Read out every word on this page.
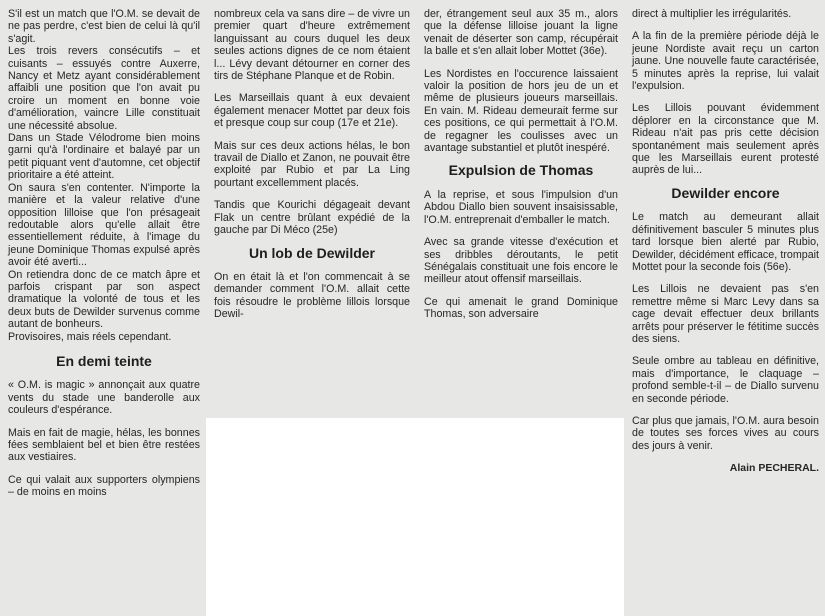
S'il est un match que l'O.M. se devait de ne pas perdre, c'est bien de celui là qu'il s'agit.

Les trois revers consécutifs – et cuisants – essuyés contre Auxerre, Nancy et Metz ayant considérablement affaibli une position que l'on avait pu croire un moment en bonne voie d'amélioration, vaincre Lille constituait une nécessité absolue.

Dans un Stade Vélodrome bien moins garni qu'à l'ordinaire et balayé par un petit piquant vent d'automne, cet objectif prioritaire a été atteint.

On saura s'en contenter. N'importe la manière et la valeur relative d'une opposition lilloise que l'on présageait redoutable alors qu'elle allait être essentiellement réduite, à l'image du jeune Dominique Thomas expulsé après avoir été averti...

On retiendra donc de ce match âpre et parfois crispant par son aspect dramatique la volonté de tous et les deux buts de Dewilder survenus comme autant de bonheurs.

Provisoires, mais réels cependant.

En demi teinte

« O.M. is magic » annonçait aux quatre vents du stade une banderolle aux couleurs d'espérance.

Mais en fait de magie, hélas, les bonnes fées semblaient bel et bien être restées aux vestiaires.

Ce qui valait aux supporters olympiens – de moins en moins

nombreux cela va sans dire – de vivre un premier quart d'heure extrêmement languissant au cours duquel les deux seules actions dignes de ce nom étaient l... Lévy devant détourner en corner des tirs de Stéphane Planque et de Robin.

Les Marseillais quant à eux devaient également menacer Mottet par deux fois et presque coup sur coup (17e et 21e).

Mais sur ces deux actions hélas, le bon travail de Diallo et Zanon, ne pouvait être exploité par Rubio et par La Ling pourtant excellemment placés.

Tandis que Kourichi dégageait devant Flak un centre brûlant expédié de la gauche par Di Méco (25e)

Un lob de Dewilder

On en était là et l'on commencait à se demander comment l'O.M. allait cette fois résoudre le problème lillois lorsque Dewil-

der, étrangement seul aux 35 m., alors que la défense lilloise jouant la ligne venait de déserter son camp, récupérait la balle et s'en allait lober Mottet (36e).

Les Nordistes en l'occurence laissaient valoir la position de hors jeu de un et même de plusieurs joueurs marseillais. En vain. M. Rideau demeurait ferme sur ces positions, ce qui permettait à l'O.M. de regagner les coulisses avec un avantage substantiel et plutôt inespéré.

Expulsion de Thomas

A la reprise, et sous l'impulsion d'un Abdou Diallo bien souvent insaisissable, l'O.M. entreprenait d'emballer le match.

Avec sa grande vitesse d'exécution et ses dribbles déroutants, le petit Sénégalais constituait une fois encore le meilleur atout offensif marseillais.

Ce qui amenait le grand Dominique Thomas, son adversaire

direct à multiplier les irrégularités.

A la fin de la première période déjà le jeune Nordiste avait reçu un carton jaune. Une nouvelle faute caractérisée, 5 minutes après la reprise, lui valait l'expulsion.

Les Lillois pouvant évidemment déplorer en la circonstance que M. Rideau n'ait pas pris cette décision spontanément mais seulement après que les Marseillais eurent protesté auprès de lui...

Dewilder encore

Le match au demeurant allait définitivement basculer 5 minutes plus tard lorsque bien alerté par Rubio, Dewilder, décidément efficace, trompait Mottet pour la seconde fois (56e).

Les Lillois ne devaient pas s'en remettre même si Marc Levy dans sa cage devait effectuer deux brillants arrêts pour préserver le fétitime succès des siens.

Seule ombre au tableau en définitive, mais d'importance, le claquage – profond semble-t-il – de Diallo survenu en seconde période.

Car plus que jamais, l'O.M. aura besoin de toutes ses forces vives au cours des jours à venir.

Alain PECHERAL.
